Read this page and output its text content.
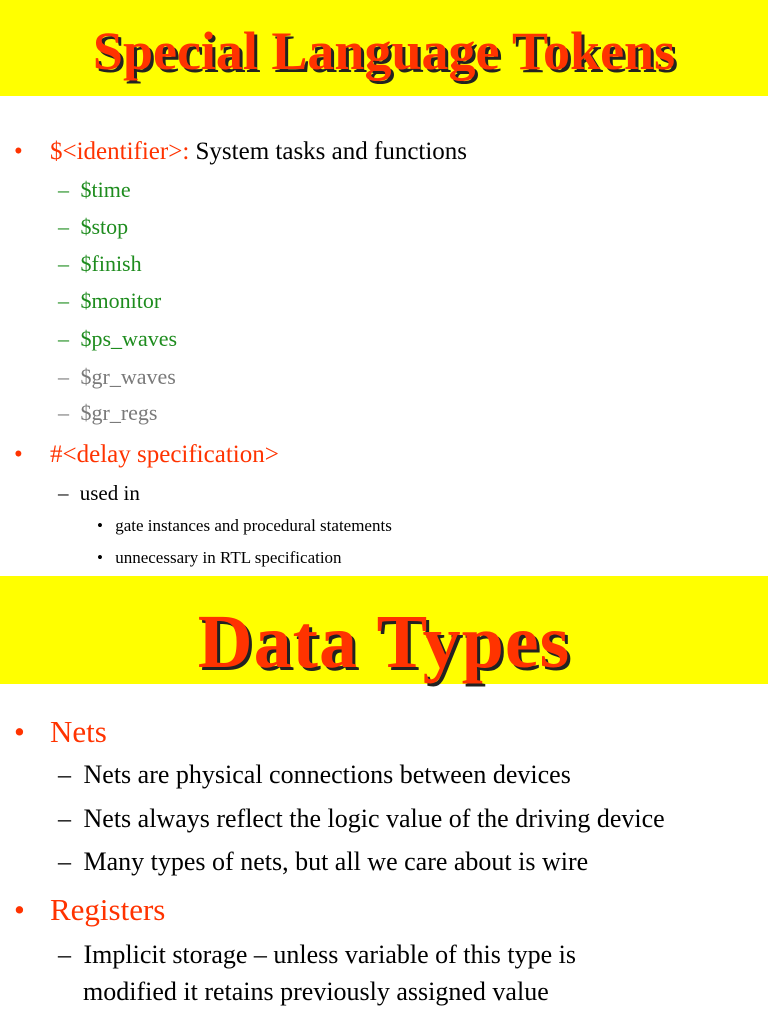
Special Language Tokens
• $<identifier>: System tasks and functions
– $time
– $stop
– $finish
– $monitor
– $ps_waves
– $gr_waves
– $gr_regs
• #<delay specification>
– used in
• gate instances and procedural statements
• unnecessary in RTL specification
Data Types
• Nets
– Nets are physical connections between devices
– Nets always reflect the logic value of the driving device
– Many types of nets, but all we care about is wire
• Registers
– Implicit storage – unless variable of this type is
modified it retains previously assigned value
